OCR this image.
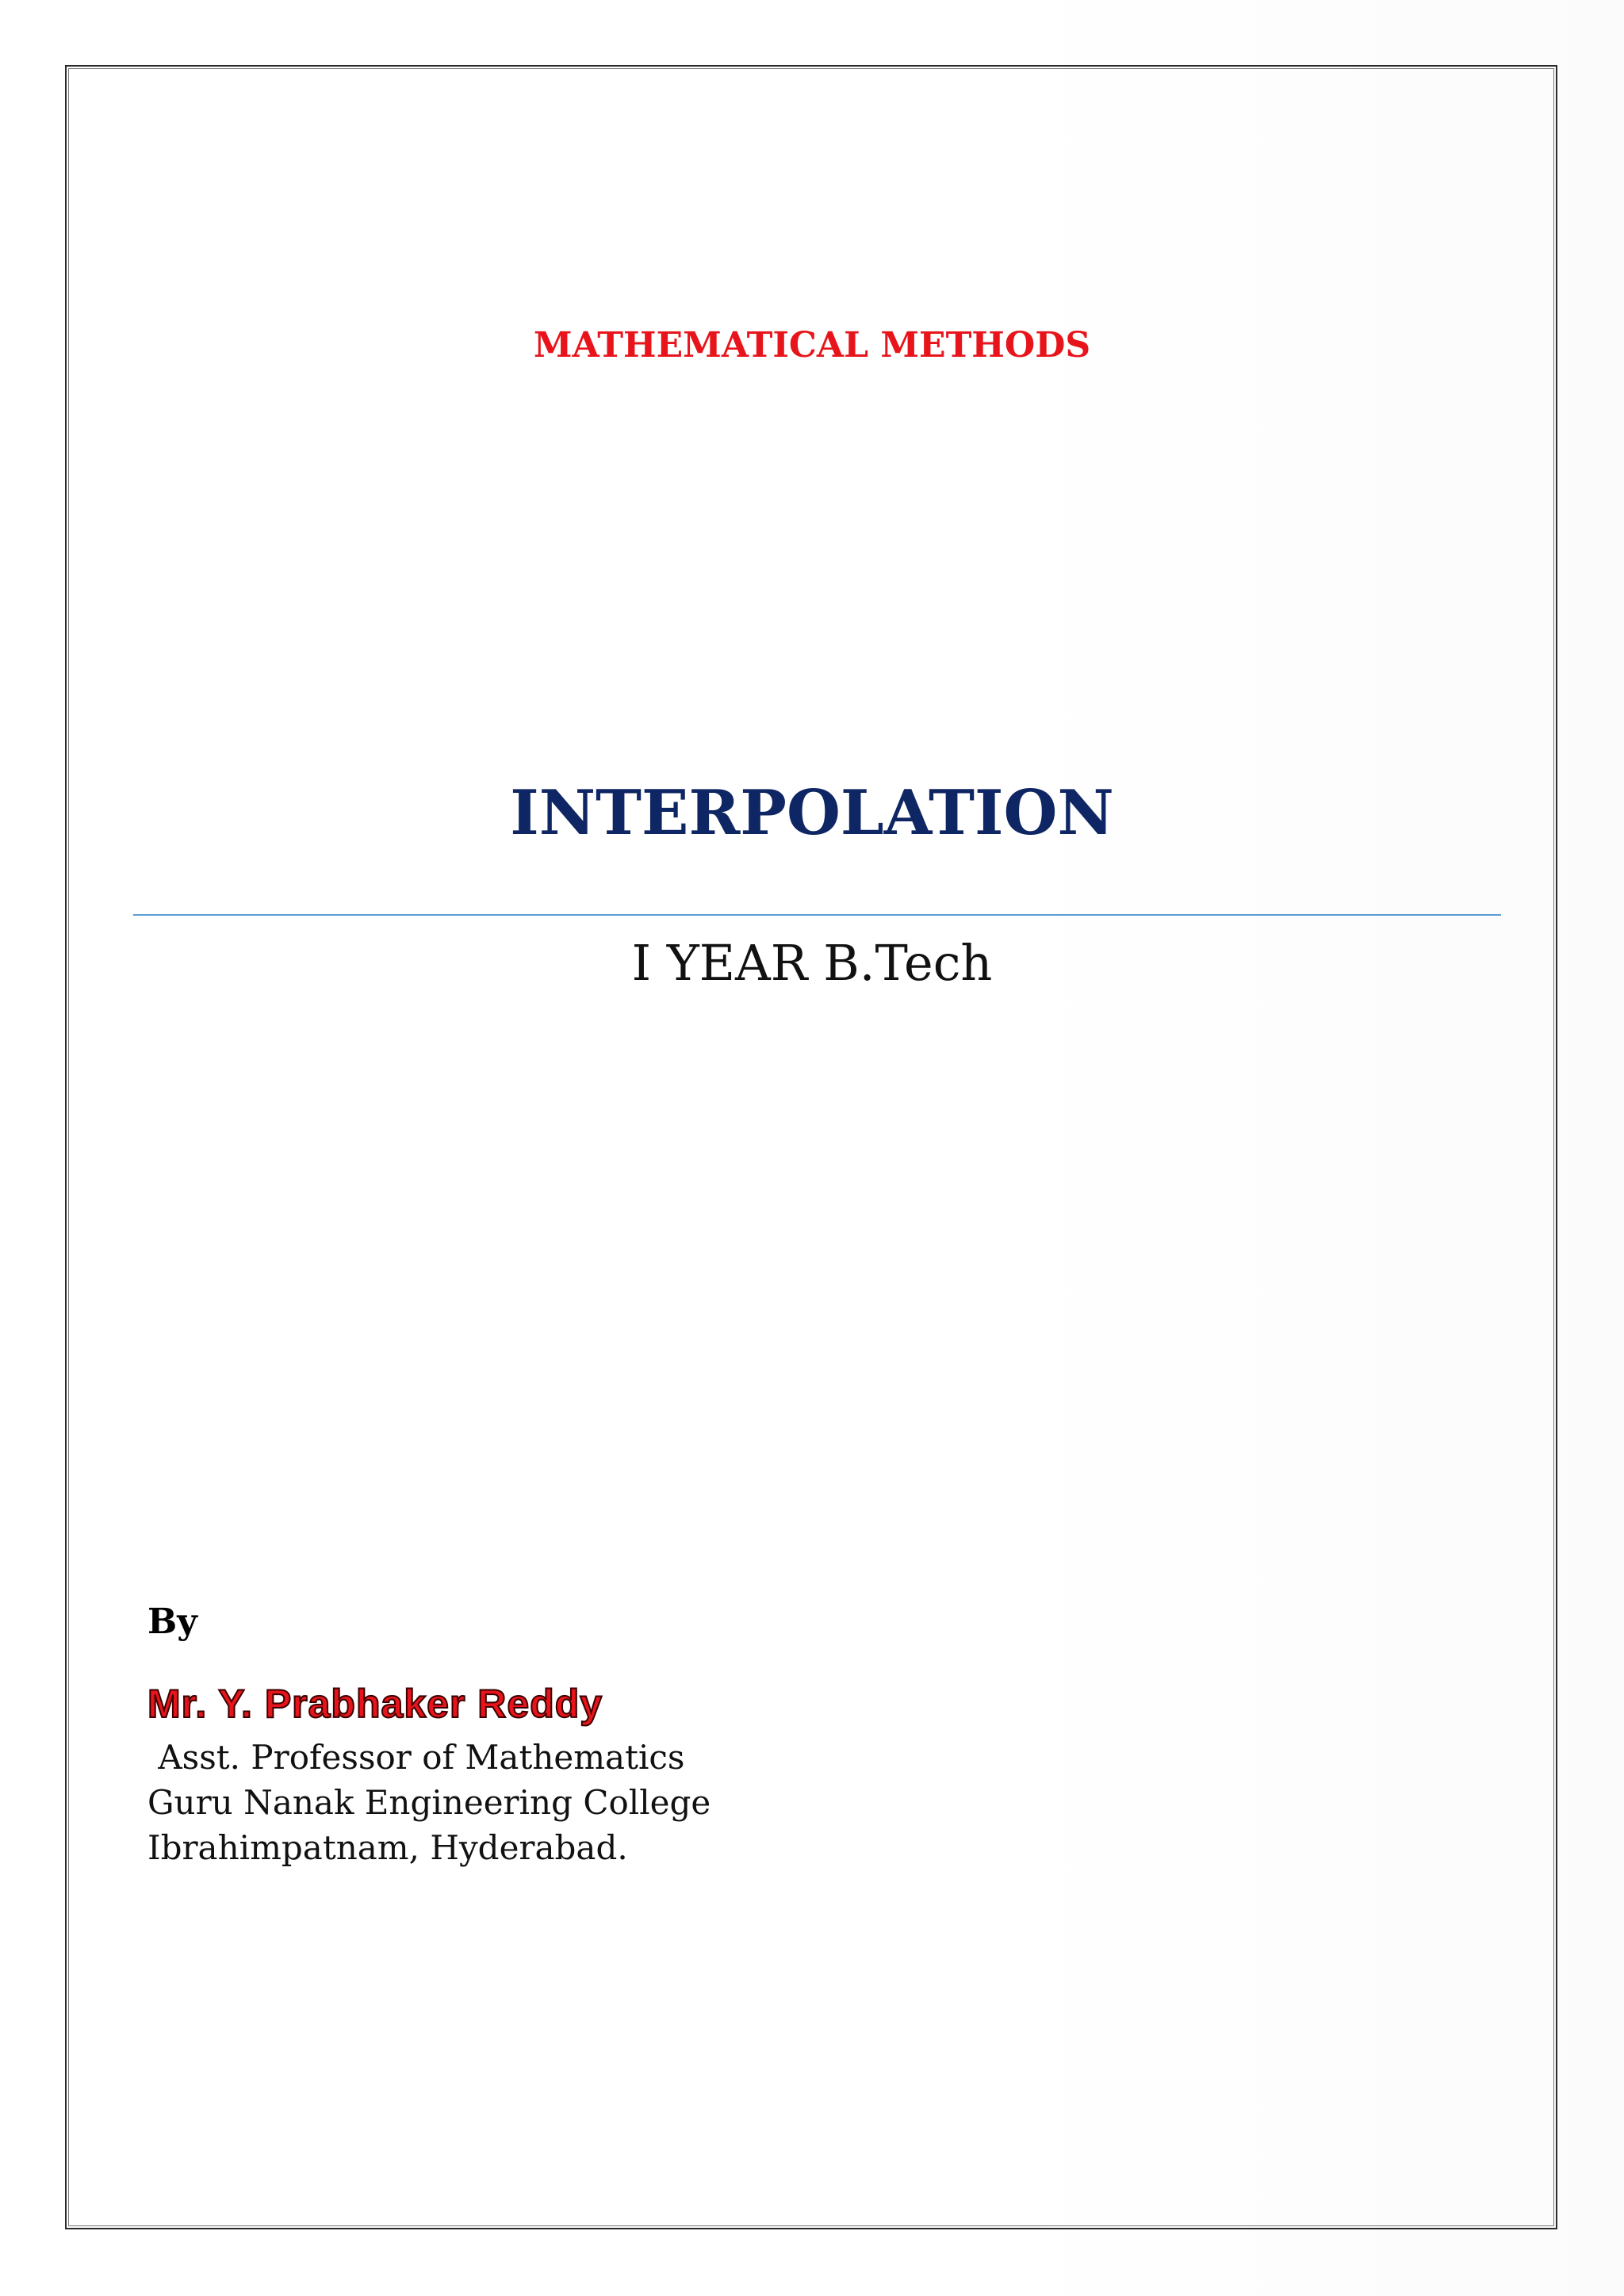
MATHEMATICAL METHODS
INTERPOLATION
I YEAR B.Tech
By
Mr. Y. Prabhaker Reddy
Asst. Professor of Mathematics
Guru Nanak Engineering College
Ibrahimpatnam, Hyderabad.
